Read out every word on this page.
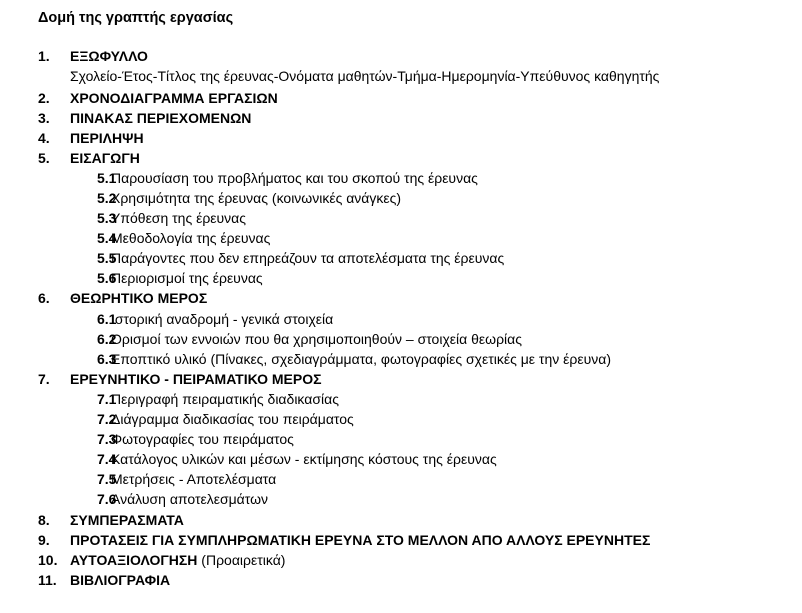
Δομή της γραπτής εργασίας
1. ΕΞΩΦΥΛΛΟ
Σχολείο-Έτος-Τίτλος της έρευνας-Ονόματα μαθητών-Τμήμα-Ημερομηνία-Υπεύθυνος καθηγητής
2. ΧΡΟΝΟΔΙΑΓΡΑΜΜΑ ΕΡΓΑΣΙΩΝ
3. ΠΙΝΑΚΑΣ ΠΕΡΙΕΧΟΜΕΝΩΝ
4. ΠΕΡΙΛΗΨΗ
5. ΕΙΣΑΓΩΓΗ
5.1
Παρουσίαση του προβλήματος και του σκοπού της έρευνας
5.2
Χρησιμότητα της έρευνας (κοινωνικές ανάγκες)
5.3
Υπόθεση της έρευνας
5.4
Μεθοδολογία της έρευνας
5.5
Παράγοντες που δεν επηρεάζουν τα αποτελέσματα της έρευνας
5.6
Περιορισμοί της έρευνας
6. ΘΕΩΡΗΤΙΚΟ ΜΕΡΟΣ
6.1
Ιστορική αναδρομή - γενικά στοιχεία
6.2
Ορισμοί των εννοιών που θα χρησιμοποιηθούν – στοιχεία θεωρίας
6.3
Εποπτικό υλικό (Πίνακες, σχεδιαγράμματα, φωτογραφίες σχετικές με την έρευνα)
7. ΕΡΕΥΝΗΤΙΚΟ - ΠΕΙΡΑΜΑΤΙΚΟ ΜΕΡΟΣ
7.1
Περιγραφή πειραματικής διαδικασίας
7.2
Διάγραμμα διαδικασίας του πειράματος
7.3
Φωτογραφίες του πειράματος
7.4
Κατάλογος υλικών και μέσων - εκτίμησης κόστους της έρευνας
7.5
Μετρήσεις - Αποτελέσματα
7.6
Ανάλυση αποτελεσμάτων
8. ΣΥΜΠΕΡΑΣΜΑΤΑ
9. ΠΡΟΤΑΣΕΙΣ ΓΙΑ ΣΥΜΠΛΗΡΩΜΑΤΙΚΗ ΕΡΕΥΝΑ ΣΤΟ ΜΕΛΛΟΝ ΑΠΟ ΑΛΛΟΥΣ ΕΡΕΥΝΗΤΕΣ
10. ΑΥΤΟΑΞΙΟΛΟΓΗΣΗ (Προαιρετικά)
11. ΒΙΒΛΙΟΓΡΑΦΙΑ
